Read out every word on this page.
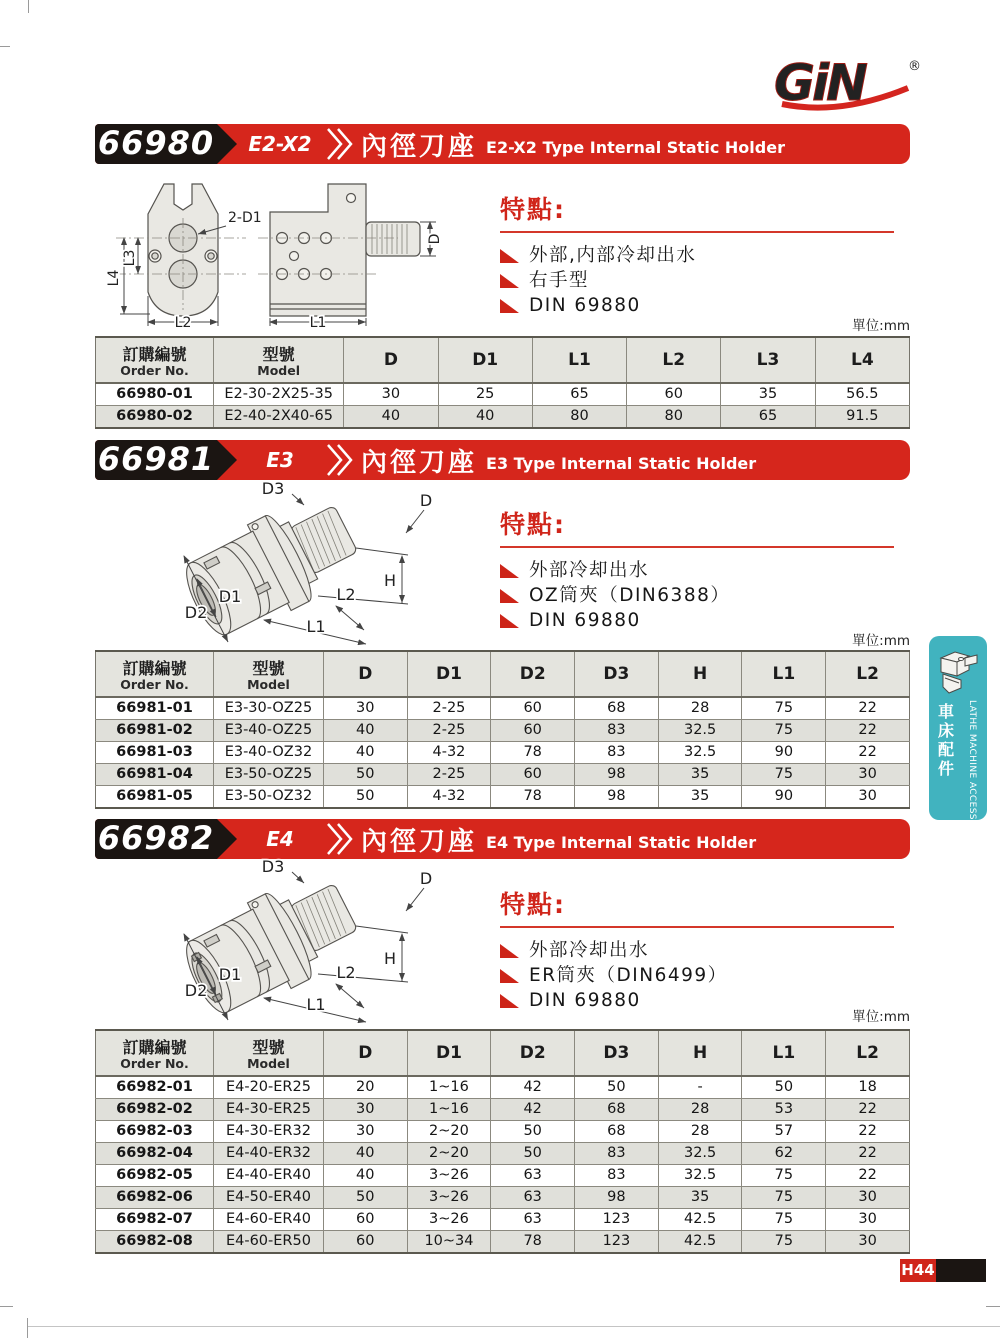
GiN	®
66980	E2-X2	內徑刀座 E2-X2 Type Internal Static Holder
2-D1
L4
L3
L2	L1
D
特點:
外部,内部冷却出水
右手型
DIN 69880
單位:mm
訂購編號
Order No.

型號
Model	D	D1	L1	L2	L3	L4

66980-01	E2-30-2X25-35	30	25	65	60	35	56.5
66980-02	E2-40-2X40-65	40	40	80	80	65	91.5
66981	E3	內徑刀座 E3 Type Internal Static Holder
D3
D
H
L2
L1
D1
D2
特點:
外部冷却出水
OZ筒夾（DIN6388）
DIN 69880
單位:mm
訂購編號
Order No.

型號
Model	D	D1	D2	D3	H	L1	L2

66981-01	E3-30-OZ25	30	2-25	60	68	28	75	22
66981-02	E3-40-OZ25	40	2-25	60	83	32.5	75	22
66981-03	E3-40-OZ32	40	4-32	78	83	32.5	90	22
66981-04	E3-50-OZ25	50	2-25	60	98	35	75	30
66981-05	E3-50-OZ32	50	4-32	78	98	35	90	30
66982	E4	內徑刀座 E4 Type Internal Static Holder
D3
D
H
L2
L1
D1
D2
特點:
外部冷却出水
ER筒夾（DIN6499）
DIN 69880
單位:mm
訂購編號
Order No.

型號
Model	D	D1	D2	D3	H	L1	L2

66982-01	E4-20-ER25	20	1~16	42	50	-	50	18
66982-02	E4-30-ER25	30	1~16	42	68	28	53	22
66982-03	E4-30-ER32	30	2~20	50	68	28	57	22
66982-04	E4-40-ER32	40	2~20	50	83	32.5	62	22
66982-05	E4-40-ER40	40	3~26	63	83	32.5	75	22
66982-06	E4-50-ER40	50	3~26	63	98	35	75	30
66982-07	E4-60-ER40	60	3~26	63	123	42.5	75	30
66982-08	E4-60-ER50	60	10~34	78	123	42.5	75	30
車床配件 LATHE MACHINE ACCESSORIES
H44
